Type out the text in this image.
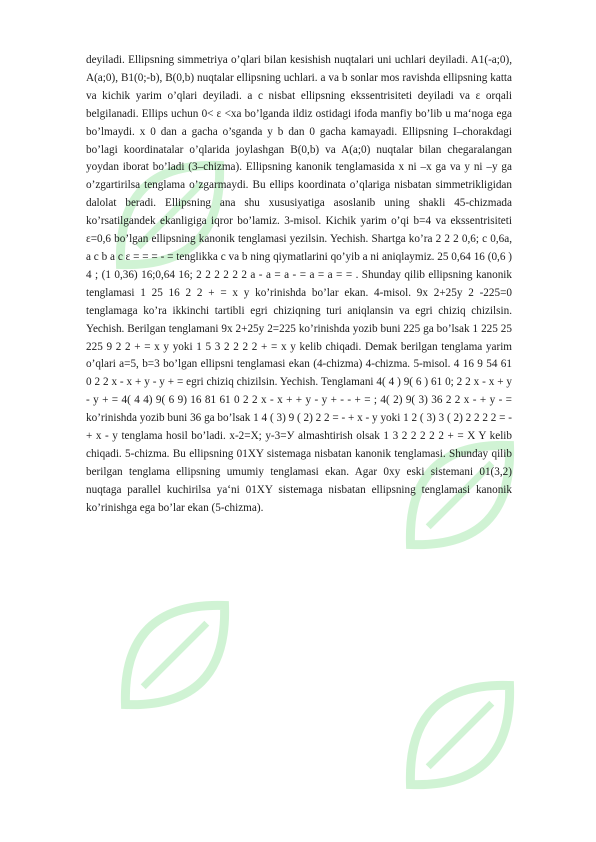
deyiladi. Ellipsning simmetriya o’qlari bilan kesishish nuqtalari uni uchlari deyiladi. A1(-a;0), A(a;0), B1(0;-b), B(0,b) nuqtalar ellipsning uchlari. a va b sonlar mos ravishda ellipsning katta va kichik yarim o’qlari deyiladi. a c nisbat ellipsning ekssentrisiteti deyiladi va ε orqali belgilanadi. Ellips uchun 0< ε <xa bo’lganda ildiz ostidagi ifoda manfiy bo’lib u ma‘noga ega bo’lmaydi. x 0 dan a gacha o’sganda y b dan 0 gacha kamayadi. Ellipsning I–chorakdagi bo’lagi koordinatalar o’qlarida joylashgan B(0,b) va A(a;0) nuqtalar bilan chegaralangan yoydan iborat bo’ladi (3–chizma). Ellipsning kanonik tenglamasida x ni –x ga va y ni –y ga o’zgartirilsa tenglama o’zgarmaydi. Bu ellips koordinata o’qlariga nisbatan simmetrikligidan dalolat beradi. Ellipsning ana shu xususiyatiga asoslanib uning shakli 45-chizmada ko’rsatilgandek ekanligiga iqror bo’lamiz. 3-misol. Kichik yarim o’qi b=4 va ekssentrisiteti ε=0,6 bo’lgan ellipsning kanonik tenglamasi yezilsin. Yechish. Shartga ko’ra 2 2 2 0,6; c 0,6a, a c b a c ε = = = - = tenglikka c va b ning qiymatlarini qo’yib a ni aniqlaymiz. 25 0,64 16 (0,6 ) 4 ; (1 0,36) 16;0,64 16; 2 2 2 2 2 2 a - a = a - = a = a = = . Shunday qilib ellipsning kanonik tenglamasi 1 25 16 2 2 + = x y ko’rinishda bo’lar ekan. 4-misol. 9x 2+25y 2 -225=0 tenglamaga ko’ra ikkinchi tartibli egri chiziqning turi aniqlansin va egri chiziq chizilsin. Yechish. Berilgan tenglamani 9x 2+25y 2=225 ko’rinishda yozib buni 225 ga bo’lsak 1 225 25 225 9 2 2 + = x y yoki 1 5 3 2 2 2 2 + = x y kelib chiqadi. Demak berilgan tenglama yarim o’qlari a=5, b=3 bo’lgan ellipsni tenglamasi ekan (4-chizma) 4-chizma. 5-misol. 4 16 9 54 61 0 2 2 x - x + y - y + = egri chiziq chizilsin. Yechish. Tenglamani 4( 4 ) 9( 6 ) 61 0; 2 2 x - x + y - y + = 4( 4 4) 9( 6 9) 16 81 61 0 2 2 x - x + + y - y + - - + = ; 4( 2) 9( 3) 36 2 2 x - + y - = ko’rinishda yozib buni 36 ga bo’lsak 1 4 ( 3) 9 ( 2) 2 2 = - + x - y yoki 1 2 ( 3) 3 ( 2) 2 2 2 2 = - + x - y tenglama hosil bo’ladi. x-2=X; y-3=У almashtirish olsak 1 3 2 2 2 2 2 + = X Y kelib chiqadi. 5-chizma. Bu ellipsning 01XY sistemaga nisbatan kanonik tenglamasi. Shunday qilib berilgan tenglama ellipsning umumiy tenglamasi ekan. Agar 0xy eski sistemani 01(3,2) nuqtaga parallel kuchirilsa ya‘ni 01XY sistemaga nisbatan ellipsning tenglamasi kanonik ko’rinishga ega bo’lar ekan (5-chizma).
